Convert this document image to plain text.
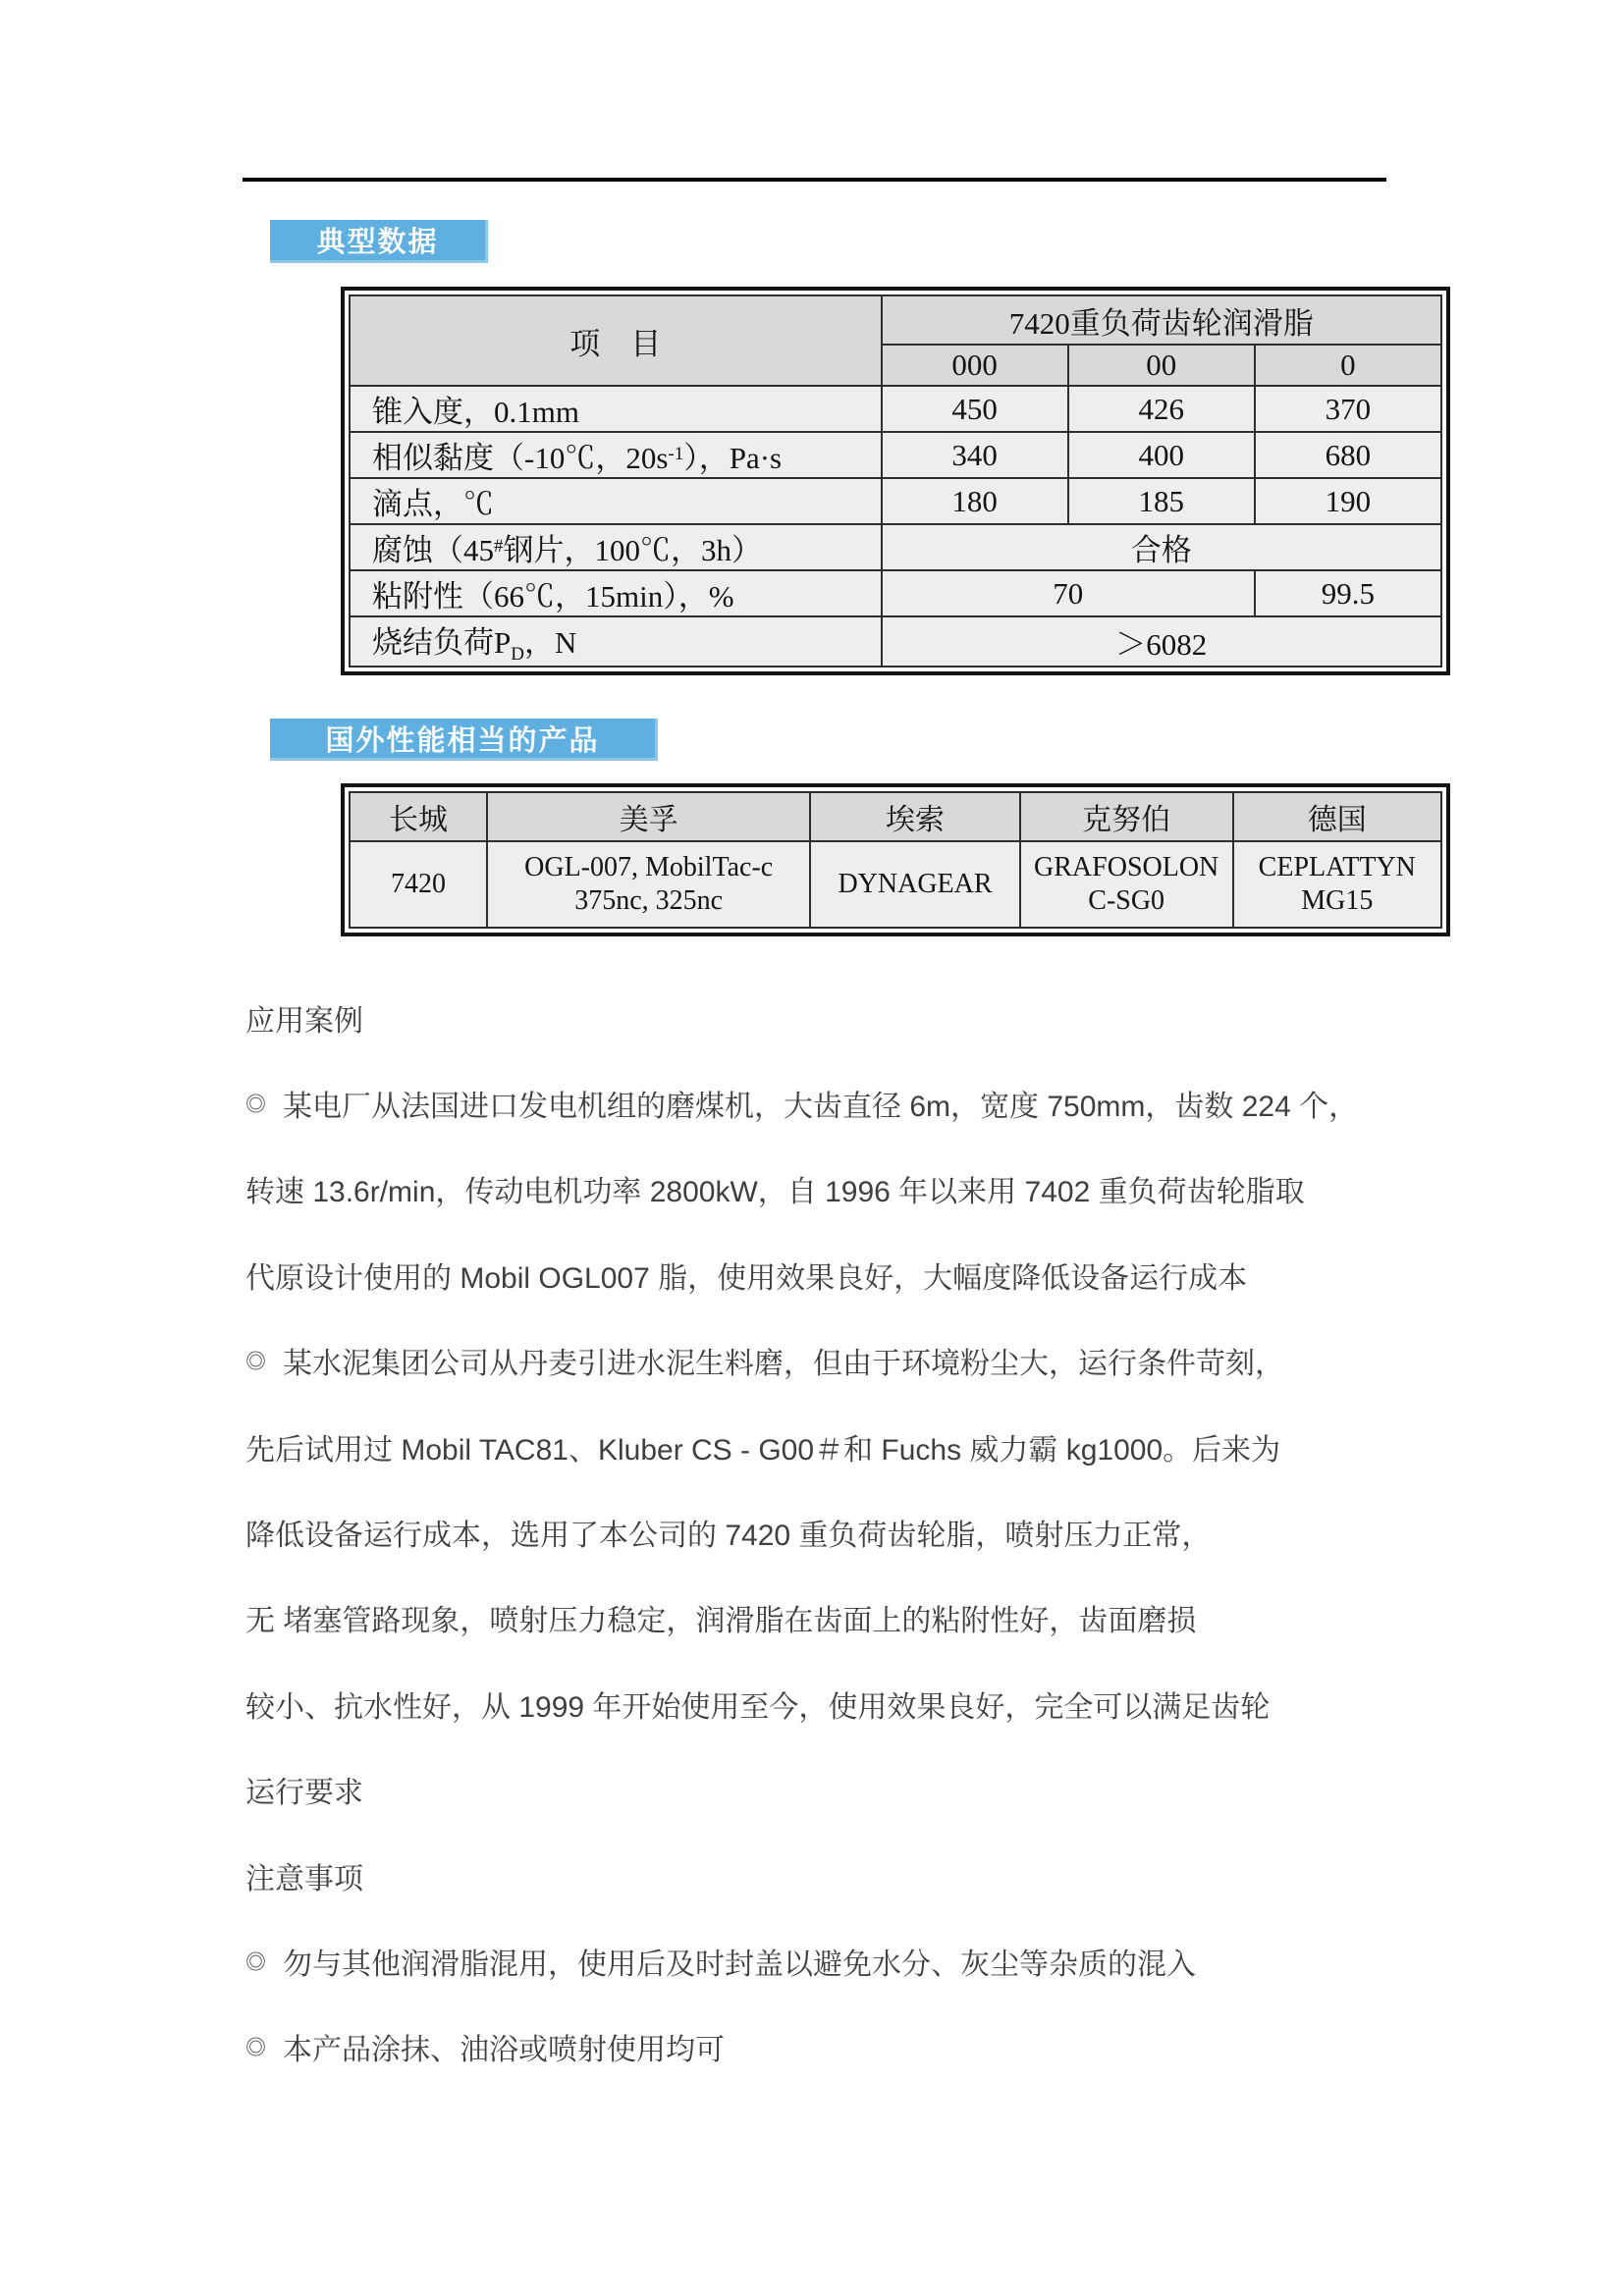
典型数据
项　目	7420重负荷齿轮润滑脂		
	000	00	0
锥入度，0.1mm	450	426	370
相似黏度（-10℃，$20s^{-1}$），Pa·s	340	400	680
滴点，℃	180	185	190
腐蚀（45#钢片，100℃，3h）	合格		
粘附性（66℃，15min），%	70		99.5
烧结负荷$P_D$，N	＞6082		
国外性能相当的产品
长城	美孚	埃索	克努伯	德国
7420	OGL-007, MobilTac-c 375nc, 325nc	DYNAGEAR	GRAFOSOLON C-SG0	CEPLATTYN MG15
应用案例
◎ 某电厂从法国进口发电机组的磨煤机，大齿直径 6m，宽度 750mm，齿数 224 个，
转速 13.6r/min，传动电机功率 2800kW，自 1996 年以来用 7402 重负荷齿轮脂取
代原设计使用的 Mobil OGL007 脂，使用效果良好，大幅度降低设备运行成本
◎ 某水泥集团公司从丹麦引进水泥生料磨，但由于环境粉尘大，运行条件苛刻，
先后试用过 Mobil TAC81、Kluber CS - G00＃和 Fuchs 威力霸 kg1000。后来为
降低设备运行成本，选用了本公司的 7420 重负荷齿轮脂，喷射压力正常，
无 堵塞管路现象，喷射压力稳定，润滑脂在齿面上的粘附性好，齿面磨损
较小、抗水性好，从 1999 年开始使用至今，使用效果良好，完全可以满足齿轮
运行要求
注意事项
◎ 勿与其他润滑脂混用，使用后及时封盖以避免水分、灰尘等杂质的混入
◎ 本产品涂抹、油浴或喷射使用均可
